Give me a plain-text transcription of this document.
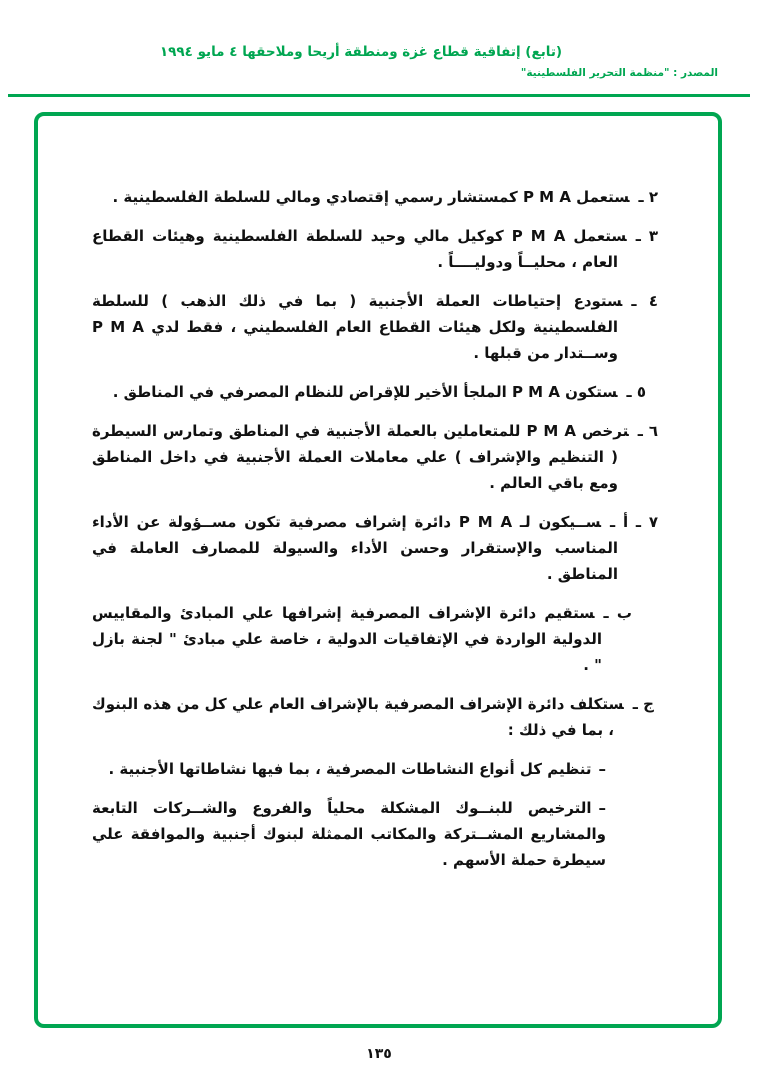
(تابع) إتفاقية قطاع غزة ومنطقة أريحا وملاحقها ٤ مايو ١٩٩٤
المصدر : "منظمة التحرير الفلسطينية"
٢ ـستعمل P M A كمستشار رسمي إقتصادي ومالي للسلطة الفلسطينية .
٣ ـستعمل P M A كوكيل مالي وحيد للسلطة الفلسطينية وهيئات القطاع العام ، محليــاً ودوليــــاً .
٤ ـستودع إحتياطات العملة الأجنبية ( بما في ذلك الذهب ) للسلطة الفلسطينية ولكل هيئات القطاع العام الفلسطيني ، فقط لدي P M A وســتدار من قبلها .
٥ ـستكون P M A الملجأ الأخير للإقراض للنظام المصرفي في المناطق .
٦ ـترخص P M A للمتعاملين بالعملة الأجنبية في المناطق وتمارس السيطرة ( التنظيم والإشراف ) علي معاملات العملة الأجنبية في داخل المناطق ومع باقي العالم .
٧ ـ أ ـســيكون لـ P M A دائرة إشراف مصرفية تكون مســؤولة عن الأداء المناسب والإستقرار وحسن الأداء والسيولة للمصارف العاملة في المناطق .
ب ـستقيم دائرة الإشراف المصرفية إشرافها علي المبادئ والمقاييس الدولية الواردة في الإتفاقيات الدولية ، خاصة علي مبادئ " لجنة بازل " .
ج ـستكلف دائرة الإشراف المصرفية بالإشراف العام علي كل من هذه البنوك ، بما في ذلك :
–تنظيم كل أنواع النشاطات المصرفية ، بما فيها نشاطاتها الأجنبية .
–الترخيص للبنــوك المشكلة محلياً والفروع والشــركات التابعة والمشاريع المشــتركة والمكاتب الممثلة لبنوك أجنبية والموافقة علي سيطرة حملة الأسهم .
١٣٥
